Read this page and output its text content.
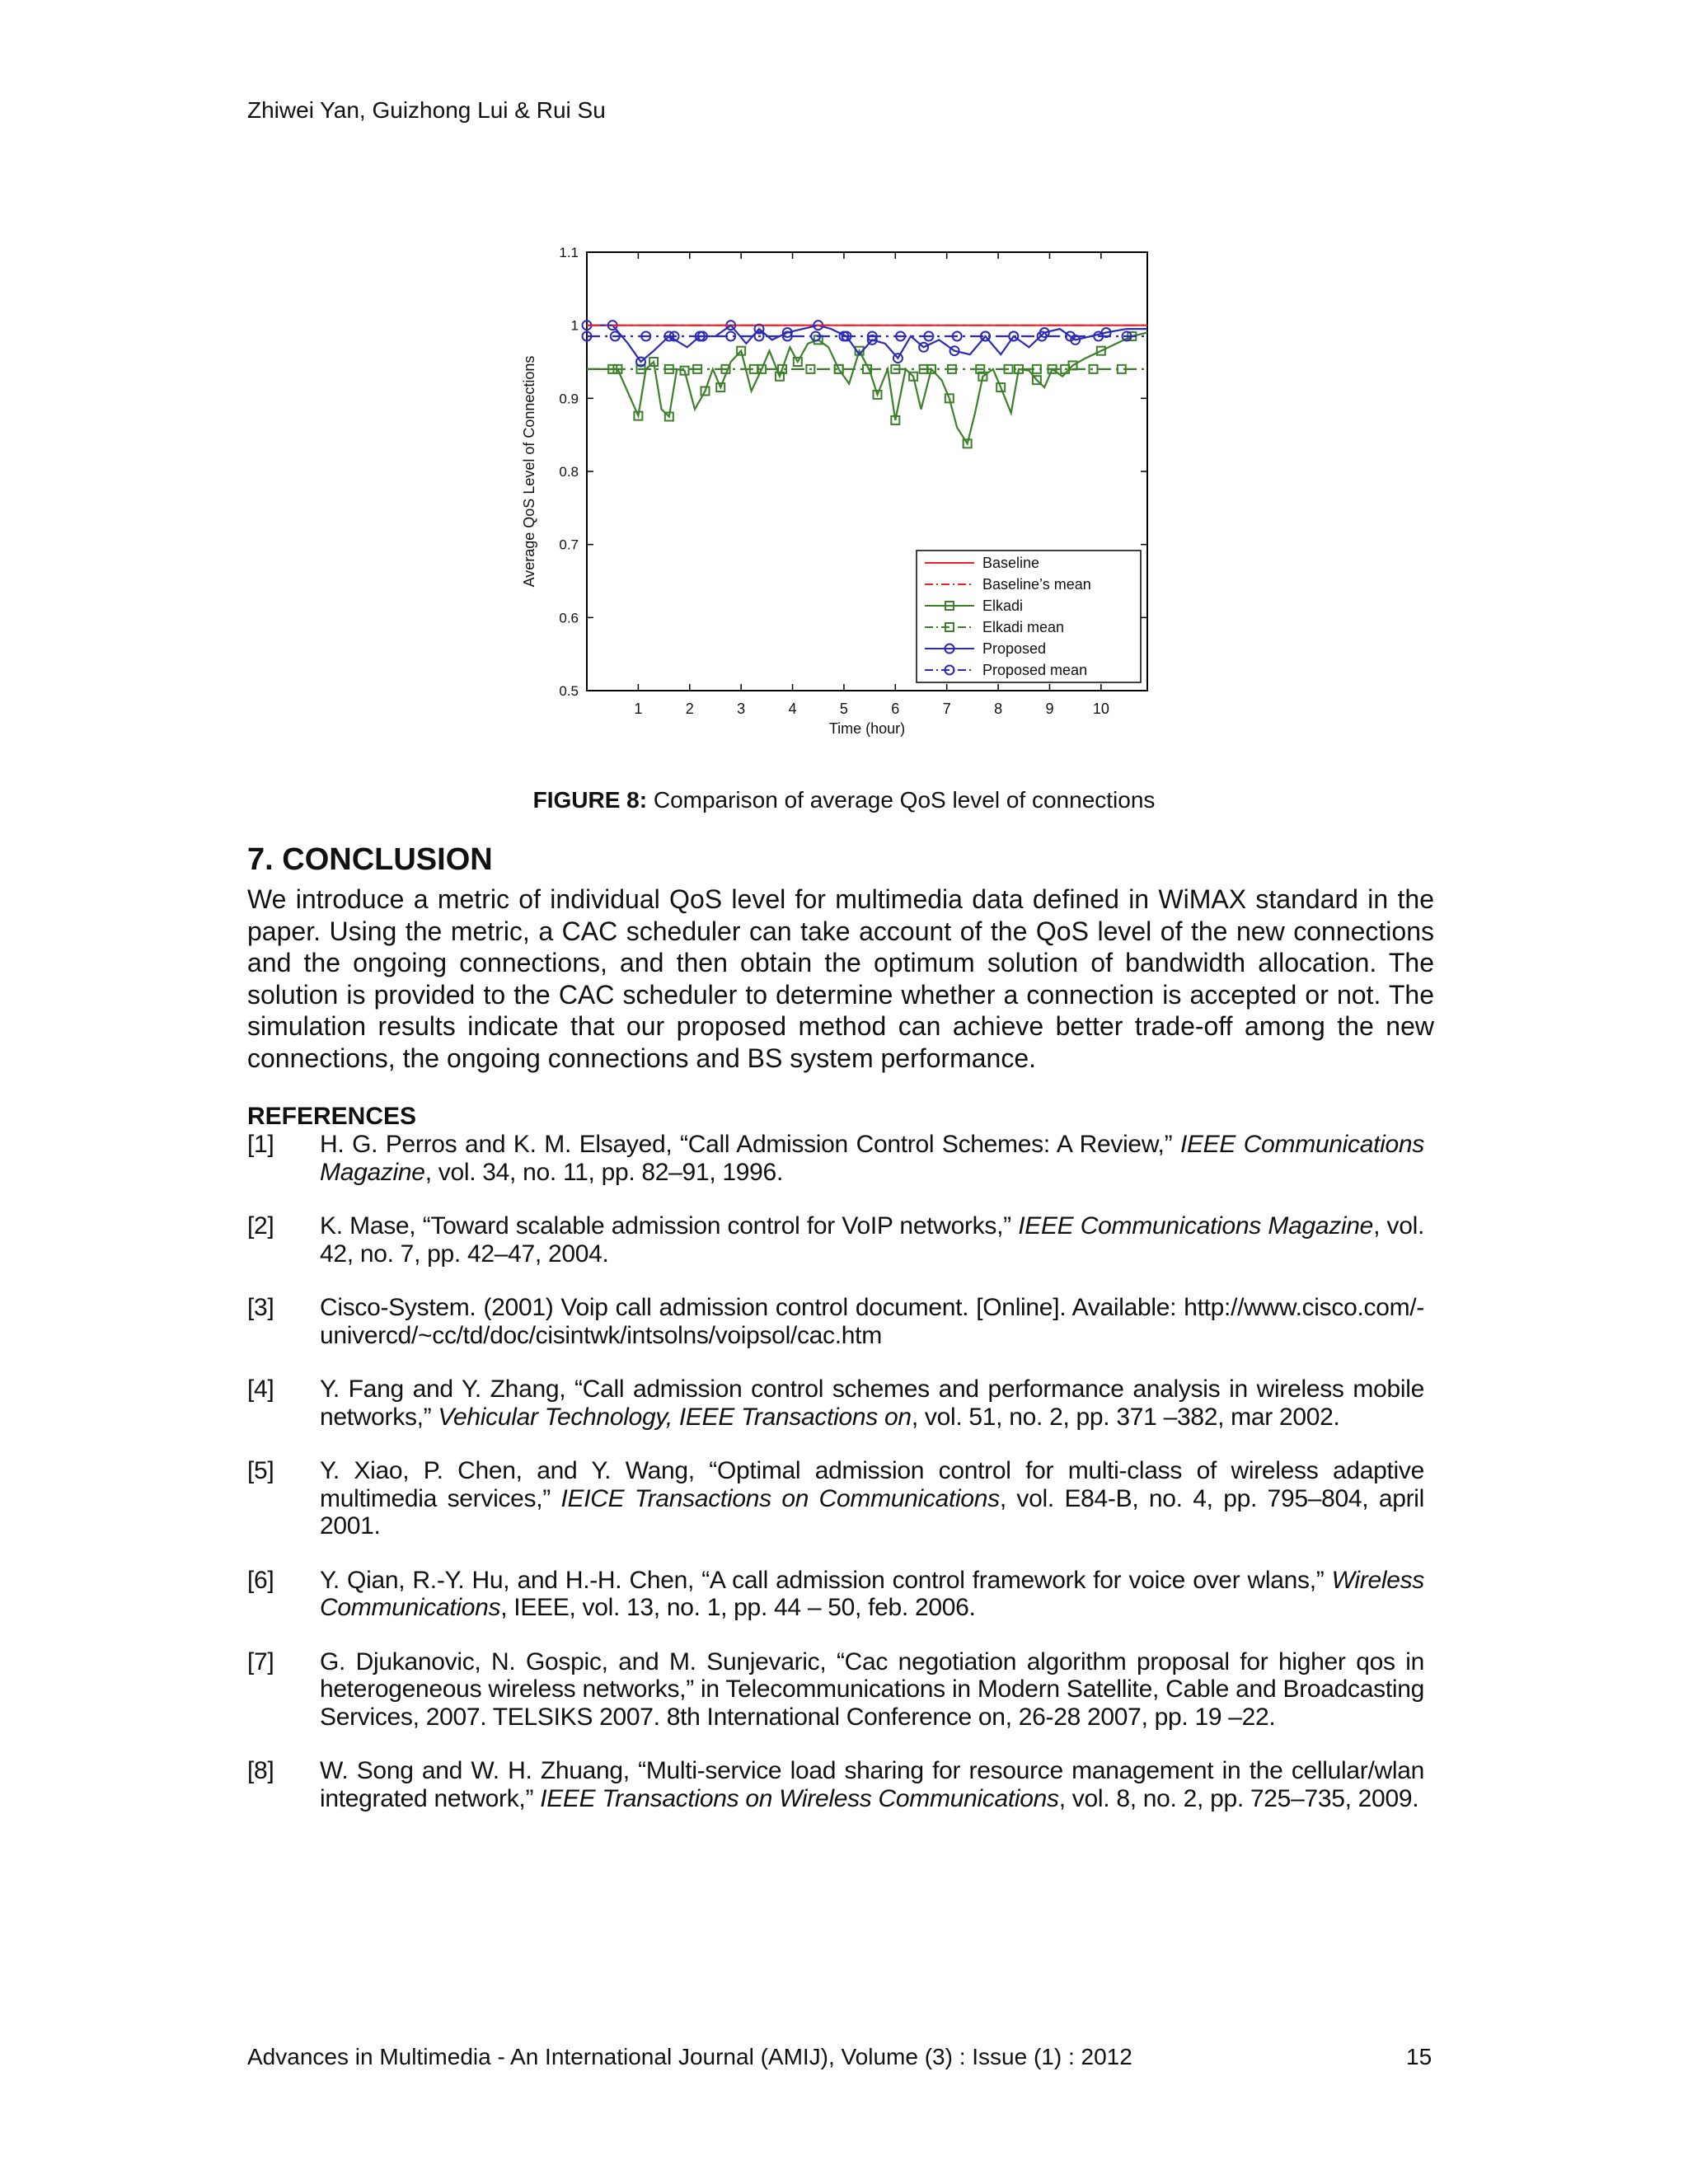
Zhiwei Yan, Guizhong Lui & Rui Su
1	2	3	4	5	6	7	8	9	10
0.5
0.6
0.7
0.8
0.9
1
1.1
Time (hour)
Average QoS Level of Connections	Baseline
Baseline’s mean
Elkadi
Elkadi mean
Proposed
Proposed mean
FIGURE 8: Comparison of average QoS level of connections
7. CONCLUSION
We introduce a metric of individual QoS level for multimedia data defined in WiMAX standard in the paper. Using the metric, a CAC scheduler can take account of the QoS level of the new connections and the ongoing connections, and then obtain the optimum solution of bandwidth allocation. The solution is provided to the CAC scheduler to determine whether a connection is accepted or not. The simulation results indicate that our proposed method can achieve better trade-off among the new connections, the ongoing connections and BS system performance.
REFERENCES
[1] H. G. Perros and K. M. Elsayed, “Call Admission Control Schemes: A Review,” IEEE Communications Magazine, vol. 34, no. 11, pp. 82–91, 1996.
[2] K. Mase, “Toward scalable admission control for VoIP networks,” IEEE Communications Magazine, vol. 42, no. 7, pp. 42–47, 2004.
[3] Cisco-System. (2001) Voip call admission control document. [Online]. Available: http://www.cisco.com/- univercd/~cc/td/doc/cisintwk/intsolns/voipsol/cac.htm
[4] Y. Fang and Y. Zhang, “Call admission control schemes and performance analysis in wireless mobile networks,” Vehicular Technology, IEEE Transactions on, vol. 51, no. 2, pp. 371 –382, mar 2002.
[5] Y. Xiao, P. Chen, and Y. Wang, “Optimal admission control for multi-class of wireless adaptive multimedia services,” IEICE Transactions on Communications, vol. E84-B, no. 4, pp. 795–804, april 2001.
[6] Y. Qian, R.-Y. Hu, and H.-H. Chen, “A call admission control framework for voice over wlans,” Wireless Communications, IEEE, vol. 13, no. 1, pp. 44 – 50, feb. 2006.
[7] G. Djukanovic, N. Gospic, and M. Sunjevaric, “Cac negotiation algorithm proposal for higher qos in heterogeneous wireless networks,” in Telecommunications in Modern Satellite, Cable and Broadcasting Services, 2007. TELSIKS 2007. 8th International Conference on, 26-28 2007, pp. 19 –22.
[8] W. Song and W. H. Zhuang, “Multi-service load sharing for resource management in the cellular/wlan integrated network,” IEEE Transactions on Wireless Communications, vol. 8, no. 2, pp. 725–735, 2009.
Advances in Multimedia - An International Journal (AMIJ), Volume (3) : Issue (1) : 2012	15
